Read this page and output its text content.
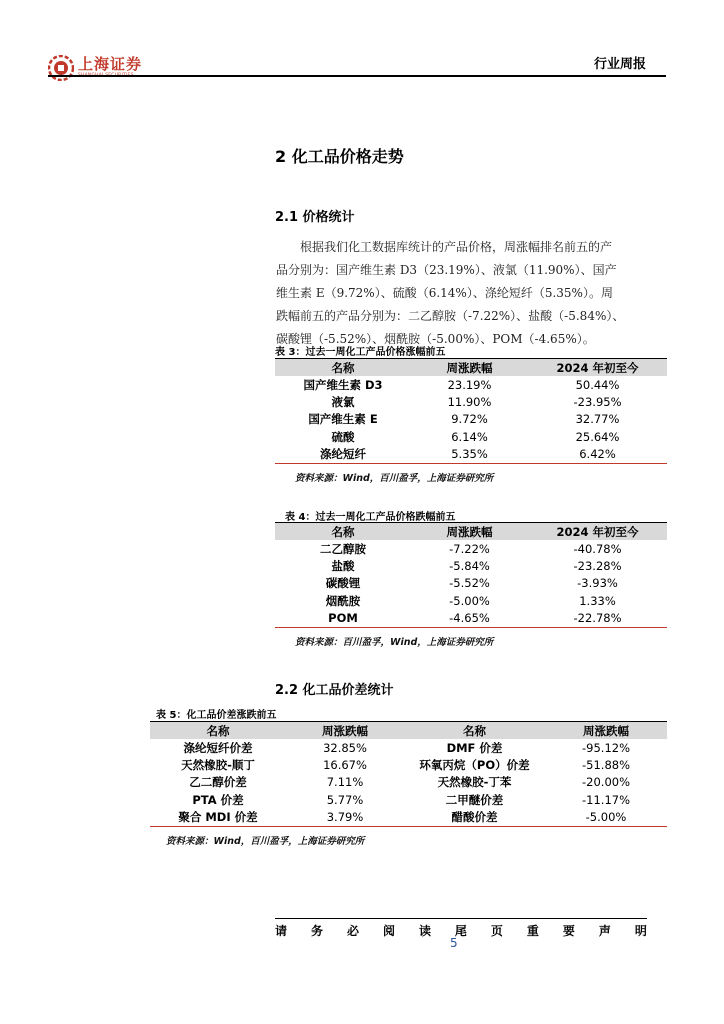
上海证券	行业周报
2 化工品价格走势
2.1 价格统计
根据我们化工数据库统计的产品价格，周涨幅排名前五的产
品分别为：国产维生素 D3（23.19%）、液氯（11.90%）、国产
维生素 E（9.72%）、硫酸（6.14%）、涤纶短纤（5.35%）。周
跌幅前五的产品分别为：二乙醇胺（-7.22%）、盐酸（-5.84%）、
碳酸锂（-5.52%）、烟酰胺（-5.00%）、POM（-4.65%）。
表 3：过去一周化工产品价格涨幅前五
名称	周涨跌幅	2024 年初至今
国产维生素 D3	23.19%	50.44%
液氯	11.90%	-23.95%
国产维生素 E	9.72%	32.77%
硫酸	6.14%	25.64%
涤纶短纤	5.35%	6.42%
资料来源：Wind，百川盈孚，上海证券研究所
表 4：过去一周化工产品价格跌幅前五
名称	周涨跌幅	2024 年初至今
二乙醇胺	-7.22%	-40.78%
盐酸	-5.84%	-23.28%
碳酸锂	-5.52%	-3.93%
烟酰胺	-5.00%	1.33%
POM	-4.65%	-22.78%
资料来源：百川盈孚，Wind，上海证券研究所
2.2 化工品价差统计
表 5：化工品价差涨跌前五
名称	周涨跌幅	名称	周涨跌幅
涤纶短纤价差	32.85%	DMF 价差	-95.12%
天然橡胶-顺丁	16.67%	环氧丙烷（PO）价差	-51.88%
乙二醇价差	7.11%	天然橡胶-丁苯	-20.00%
PTA 价差	5.77%	二甲醚价差	-11.17%
聚合 MDI 价差	3.79%	醋酸价差	-5.00%
资料来源：Wind，百川盈孚，上海证券研究所
请 务 必 阅 读 尾 页 重 要 声 明
5
